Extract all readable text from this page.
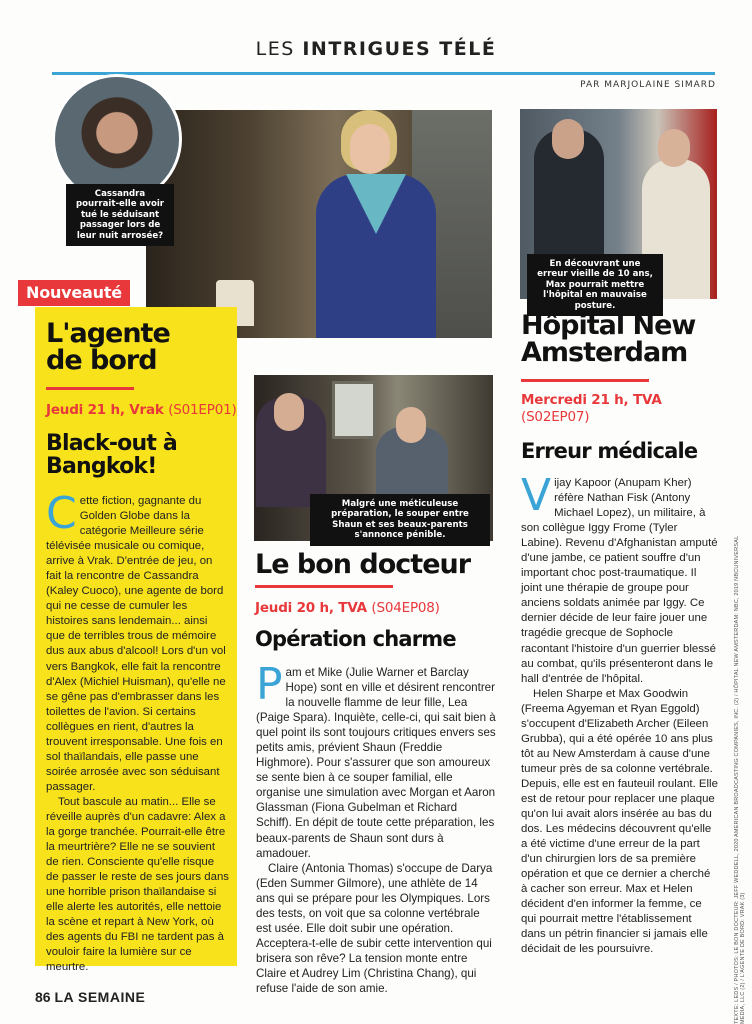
LES INTRIGUES TÉLÉ
PAR MARJOLAINE SIMARD
Cassandra pourrait-elle avoir tué le séduisant passager lors de leur nuit arrosée?
En découvrant une erreur vieille de 10 ans, Max pourrait mettre l'hôpital en mauvaise posture.
Malgré une méticuleuse préparation, le souper entre Shaun et ses beaux-parents s'annonce pénible.
Nouveauté
L'agente
de bord
Jeudi 21 h, Vrak (S01EP01)
Black-out à
Bangkok!

Cette fiction, gagnante du Golden Globe dans la catégorie Meilleure série télévisée musicale ou comique, arrive à Vrak. D'entrée de jeu, on fait la rencontre de Cassandra (Kaley Cuoco), une agente de bord qui ne cesse de cumuler les histoires sans lendemain... ainsi que de terribles trous de mémoire dus aux abus d'alcool! Lors d'un vol vers Bangkok, elle fait la rencontre d'Alex (Michiel Huisman), qu'elle ne se gêne pas d'embrasser dans les toilettes de l'avion. Si certains collègues en rient, d'autres la trouvent irresponsable. Une fois en sol thaïlandais, elle passe une soirée arrosée avec son séduisant passager.

Tout bascule au matin... Elle se réveille auprès d'un cadavre: Alex a la gorge tranchée. Pourrait-elle être la meurtrière? Elle ne se souvient de rien. Consciente qu'elle risque de passer le reste de ses jours dans une horrible prison thaïlandaise si elle alerte les autorités, elle nettoie la scène et repart à New York, où des agents du FBI ne tardent pas à vouloir faire la lumière sur ce meurtre.

Le bon docteur
Jeudi 20 h, TVA (S04EP08)
Opération charme

Pam et Mike (Julie Warner et Barclay Hope) sont en ville et désirent rencontrer la nouvelle flamme de leur fille, Lea (Paige Spara). Inquiète, celle-ci, qui sait bien à quel point ils sont toujours critiques envers ses petits amis, prévient Shaun (Freddie Highmore). Pour s'assurer que son amoureux se sente bien à ce souper familial, elle organise une simulation avec Morgan et Aaron Glassman (Fiona Gubelman et Richard Schiff). En dépit de toute cette préparation, les beaux-parents de Shaun sont durs à amadouer.

Claire (Antonia Thomas) s'occupe de Darya (Eden Summer Gilmore), une athlète de 14 ans qui se prépare pour les Olympiques. Lors des tests, on voit que sa colonne vertébrale est usée. Elle doit subir une opération. Acceptera-t-elle de subir cette intervention qui brisera son rêve? La tension monte entre Claire et Audrey Lim (Christina Chang), qui refuse l'aide de son amie.

Hôpital New
Amsterdam
Mercredi 21 h, TVA
(S02EP07)
Erreur médicale

Vijay Kapoor (Anupam Kher) réfère Nathan Fisk (Antony Michael Lopez), un militaire, à son collègue Iggy Frome (Tyler Labine). Revenu d'Afghanistan amputé d'une jambe, ce patient souffre d'un important choc post-traumatique. Il joint une thérapie de groupe pour anciens soldats animée par Iggy. Ce dernier décide de leur faire jouer une tragédie grecque de Sophocle racontant l'histoire d'un guerrier blessé au combat, qu'ils présenteront dans le hall d'entrée de l'hôpital.

Helen Sharpe et Max Goodwin (Freema Agyeman et Ryan Eggold) s'occupent d'Elizabeth Archer (Eileen Grubba), qui a été opérée 10 ans plus tôt au New Amsterdam à cause d'une tumeur près de sa colonne vertébrale. Depuis, elle est en fauteuil roulant. Elle est de retour pour replacer une plaque qu'on lui avait alors insérée au bas du dos. Les médecins découvrent qu'elle a été victime d'une erreur de la part d'un chirurgien lors de sa première opération et que ce dernier a cherché à cacher son erreur. Max et Helen décident d'en informer la femme, ce qui pourrait mettre l'établissement dans un pétrin financier si jamais elle décidait de les poursuivre.	TEXTE: LEDS / PHOTOS: LE BON DOCTEUR: JEFF WEDDELL, 2020 AMERICAN BROADCASTING COMPANIES, INC. (2) / HÔPITAL NEW AMSTERDAM: NBC, 2019 NBCUNIVERSAL MEDIA, LLC (2) / L'AGENTE DE BORD: VRAK (3)
86 LA SEMAINE
